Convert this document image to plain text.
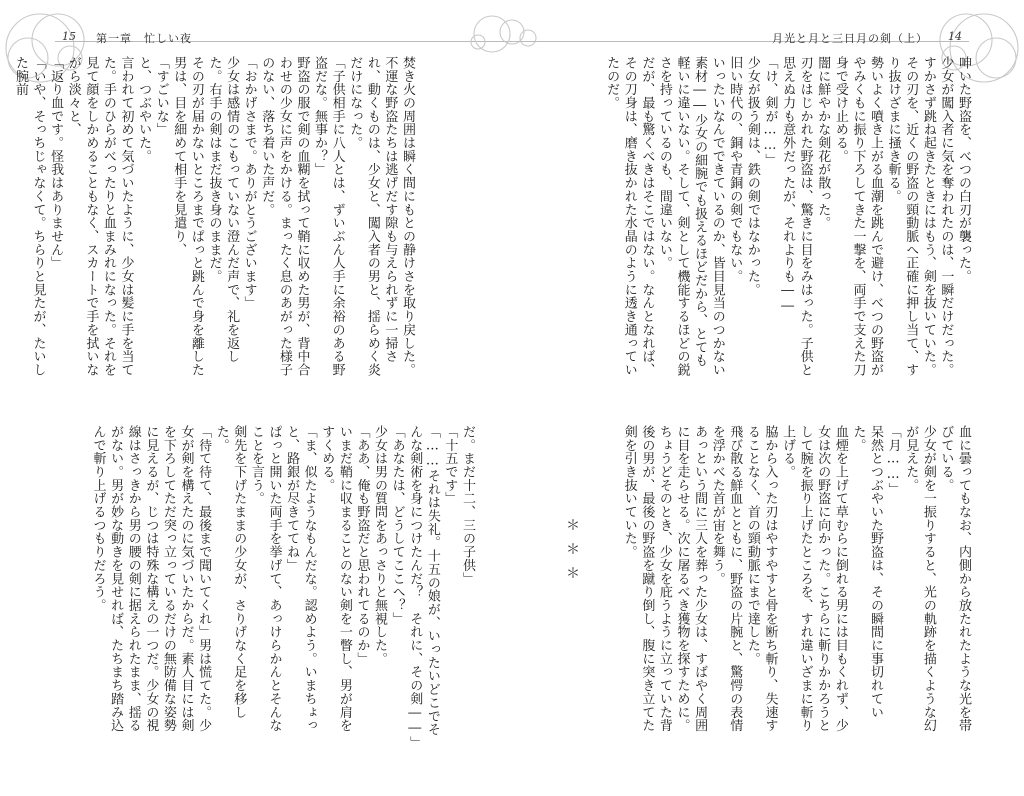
15 第一章　忙しい夜

焚き火の周囲は瞬く間にもとの静けさを取り戻した。不運な野盗たちは逃げだす隙も与えられずに一掃され、動くものは、少女と、闖入者の男と、揺らめく炎だけになった。

「子供相手に八人とは、ずいぶん人手に余裕のある野盗だな。無事か？」

野盗の服で剣の血糊を拭って鞘に収めた男が、背中合わせの少女に声をかける。まったく息のあがった様子のない、落ち着いた声だ。

「おかげさまで。ありがとうございます」

少女は感情のこもっていない澄んだ声で、礼を返した。右手の剣はまだ抜き身のままだ。

その刃が届かないところまでぱっと跳んで身を離した男は、目を細めて相手を見遣り、

「すごいな」

と、つぶやいた。

言われて初めて気づいたように、少女は髪に手を当てた。手のひらがべったりと血まみれになった。それを見て顔をしかめることもなく、スカートで手を拭いながら淡々と、

「返り血です。怪我はありません」

「いや、そっちじゃなくて。ちらりと見たが、たいした腕前

だ。まだ十二、三の子供」

「十五です」

「……それは失礼。十五の娘が、いったいどこでそんな剣術を身につけたんだ？　それに、その剣――」

「あなたは、どうしてここへ？」

少女は男の質問をあっさりと無視した。

「ああ、俺も野盗だと思われてるのか」

いまだ鞘に収まることのない剣を一瞥し、男が肩をすくめる。

「ま、似たようなもんだな。認めよう。いまちょっと、路銀が尽きててね」

ぱっと開いた両手を挙げて、あっけらかんとそんなことを言う。

剣先を下げたままの少女が、さりげなく足を移した。

「待て待て、最後まで聞いてくれ」男は慌てた。少女が剣を構えたのに気づいたからだ。素人目には剣を下ろしてただ突っ立っているだけの無防備な姿勢に見えるが、じつは特殊な構えの一つだ。少女の視線はさっきから男の腰の剣に据えられたまま、揺るがない。男が妙な動きを見せれば、たちまち踏み込んで斬り上げるつもりだろう。

14
月光と月と三日月の剣（上）

呻いた野盗を、べつの白刃が襲った。

少女が闖入者に気を奪われたのは、一瞬だけだった。すかさず跳ね起きたときにはもう、剣を抜いていた。その刃を、近くの野盗の頸動脈へ正確に押し当て、すり抜けざまに掻き斬る。

勢いよく噴き上がる血潮を跳んで避け、べつの野盗がやみくもに振り下ろしてきた一撃を、両手で支えた刀身で受け止める。

闇に鮮やかな剣花が散った。

刃をはじかれた野盗は、驚きに目をみはった。子供と思えぬ力も意外だったが、それよりも――

「け、剣が……」

少女が扱う剣は、鉄の剣ではなかった。

旧い時代の、銅や青銅の剣でもない。

いったいなんでできているのか、皆目見当のつかない素材――少女の細腕でも扱えるほどだから、とても軽いに違いない。そして、剣として機能するほどの鋭さを持っているのも、間違いない。

だが、最も驚くべきはそこではない。なんとなれば、その刀身は、磨き抜かれた水晶のように透き通っていたのだ。

血に曇ってもなお、内側から放たれたような光を帯びている。

少女が剣を一振りすると、光の軌跡を描くような幻が見えた。

「月……」

呆然とつぶやいた野盗は、その瞬間に事切れていた。

血煙を上げて草むらに倒れる男には目もくれず、少女は次の野盗に向かった。こちらに斬りかかろうとして腕を振り上げたところを、すれ違いざまに斬り上げる。

脇から入った刃はやすやすと骨を断ち斬り、失速することなく、首の頸動脈にまで達した。

飛び散る鮮血とともに、野盗の片腕と、驚愕の表情を浮かべた首が宙を舞う。

あっという間に三人を葬った少女は、すばやく周囲に目を走らせる。次に屠るべき獲物を探すために。

ちょうどそのとき、少女を庇うように立っていた背後の男が、最後の野盗を蹴り倒し、腹に突き立てた剣を引き抜いていた。

＊＊＊
